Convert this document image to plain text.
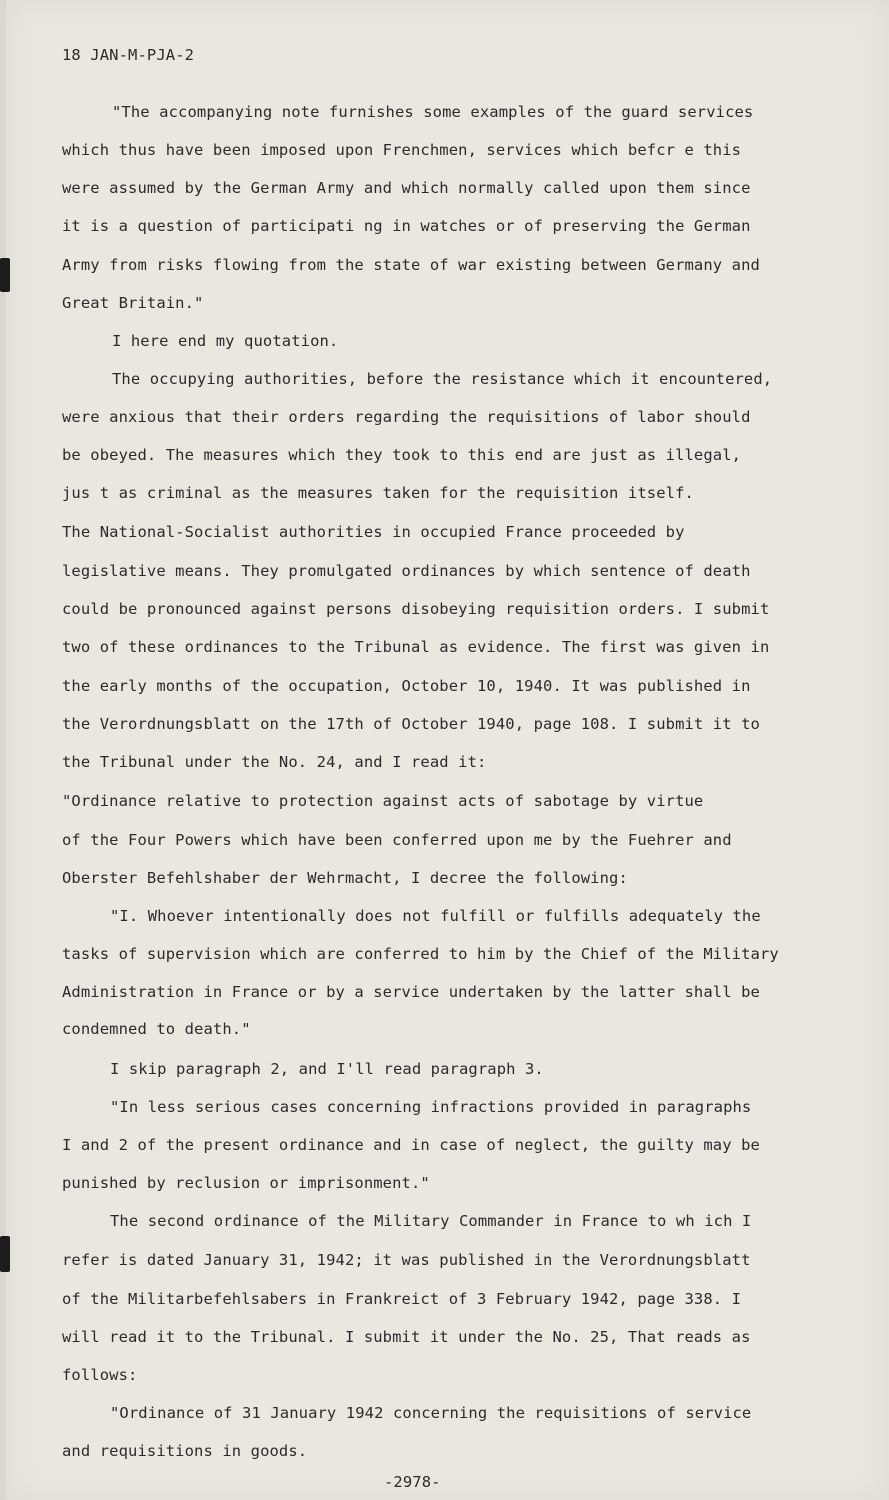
18 JAN-M-PJA-2
"The accompanying note furnishes some examples of the guard services
which thus have been imposed upon Frenchmen, services which befcr e this
were assumed by the German Army and which normally called upon them since
it is a question of participati ng in watches or of preserving the German
Army from risks flowing from the state of war existing between Germany and
Great Britain."
I here end my quotation.
The occupying authorities, before the resistance which it encountered,
were anxious that their orders regarding the requisitions of labor should
be obeyed. The measures which they took to this end are just as illegal,
jus t as criminal as the measures taken for the requisition itself.
The National-Socialist authorities in occupied France proceeded by
legislative means. They promulgated ordinances by which sentence of death
could be pronounced against persons disobeying requisition orders. I submit
two of these ordinances to the Tribunal as evidence. The first was given in
the early months of the occupation, October 10, 1940. It was published in
the Verordnungsblatt on the 17th of October 1940, page 108. I submit it to
the Tribunal under the No. 24, and I read it:
"Ordinance relative to protection against acts of sabotage by virtue
of the Four Powers which have been conferred upon me by the Fuehrer and
Oberster Befehlshaber der Wehrmacht, I decree the following:
"I. Whoever intentionally does not fulfill or fulfills adequately the
tasks of supervision which are conferred to him by the Chief of the Military
Administration in France or by a service undertaken by the latter shall be
condemned to death."
I skip paragraph 2, and I'll read paragraph 3.
"In less serious cases concerning infractions provided in paragraphs
I and 2 of the present ordinance and in case of neglect, the guilty may be
punished by reclusion or imprisonment."
The second ordinance of the Military Commander in France to wh ich I
refer is dated January 31, 1942; it was published in the Verordnungsblatt
of the Militarbefehlsabers in Frankreict of 3 February 1942, page 338. I
will read it to the Tribunal. I submit it under the No. 25, That reads as
follows:
"Ordinance of 31 January 1942 concerning the requisitions of service
and requisitions in goods.
-2978-
